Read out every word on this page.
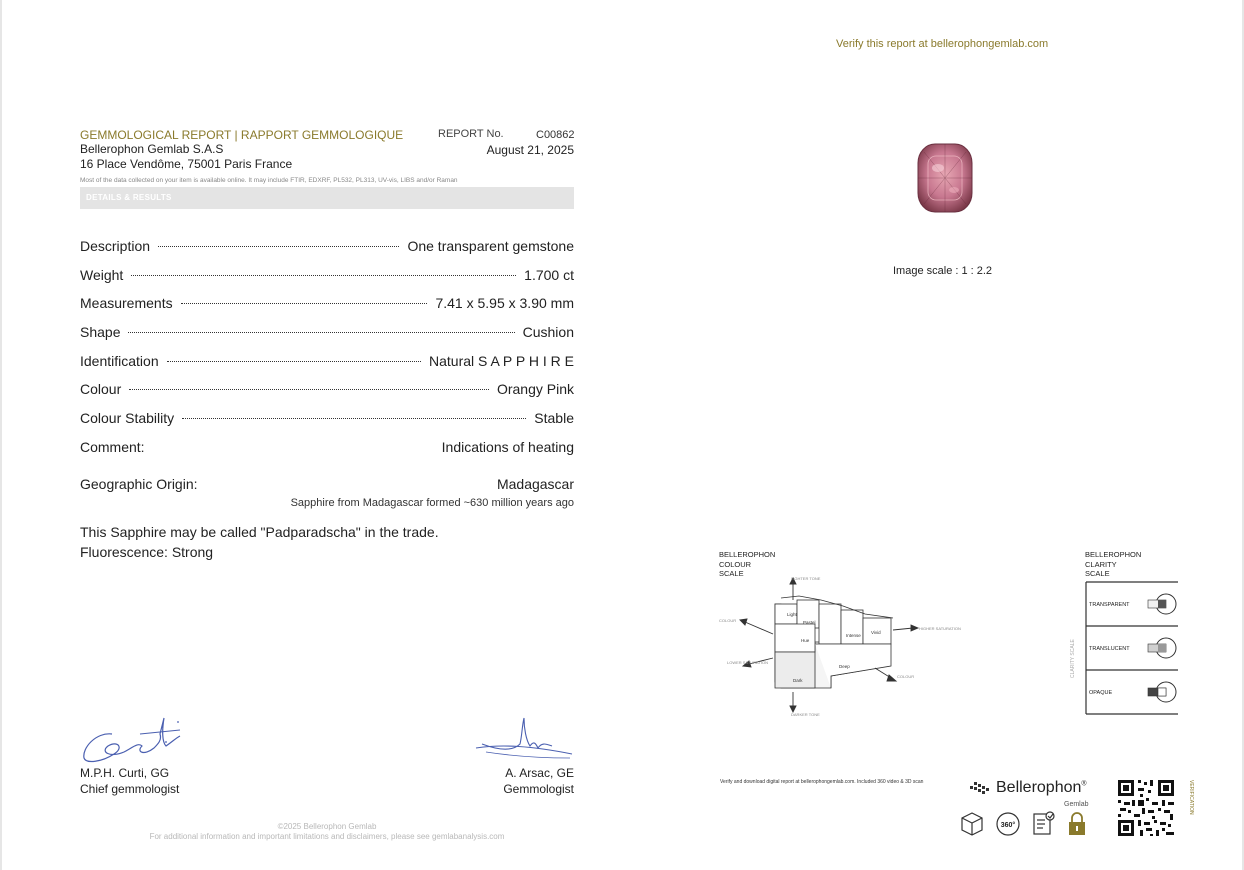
Verify this report at bellerophongemlab.com
GEMMOLOGICAL REPORT | RAPPORT GEMMOLOGIQUE	REPORT No.	C00862
Bellerophon Gemlab S.A.S	August 21, 2025
16 Place Vendôme, 75001 Paris France
Most of the data collected on your item is available online. It may include FTIR, EDXRF, PL532, PL313, UV-vis, LIBS and/or Raman
DETAILS & RESULTS
Description	One transparent gemstone
Weight	1.700 ct
Measurements	7.41 x 5.95 x 3.90 mm
Shape	Cushion
Identification	Natural S A P P H I R E
Colour	Orangy Pink
Colour Stability	Stable
Comment:	Indications of heating
Geographic Origin:	Madagascar
Sapphire from Madagascar formed ~630 million years ago
This Sapphire may be called "Padparadscha" in the trade.
Fluorescence: Strong
M.P.H. Curti, GG
Chief gemmologist
A. Arsac, GE
Gemmologist
©2025 Bellerophon Gemlab
For additional information and important limitations and disclaimers, please see gemlabanalysis.com
Image scale : 1 : 2.2
BELLEROPHON
COLOUR
SCALE
LIGHTER TONE
DARKER TONE
COLOUR
COLOUR
HIGHER SATURATION
LOWER SATURATION
Light
Pastel
Intense
Vivid
Hue
Deep
Dark
BELLEROPHON
CLARITY
SCALE
CLARITY SCALE
TRANSPARENT
TRANSLUCENT
OPAQUE
Verify and download digital report at bellerophongemlab.com. Included 360 video & 3D scan	Bellerophon®
Gemlab
360°
VERIFICATION
